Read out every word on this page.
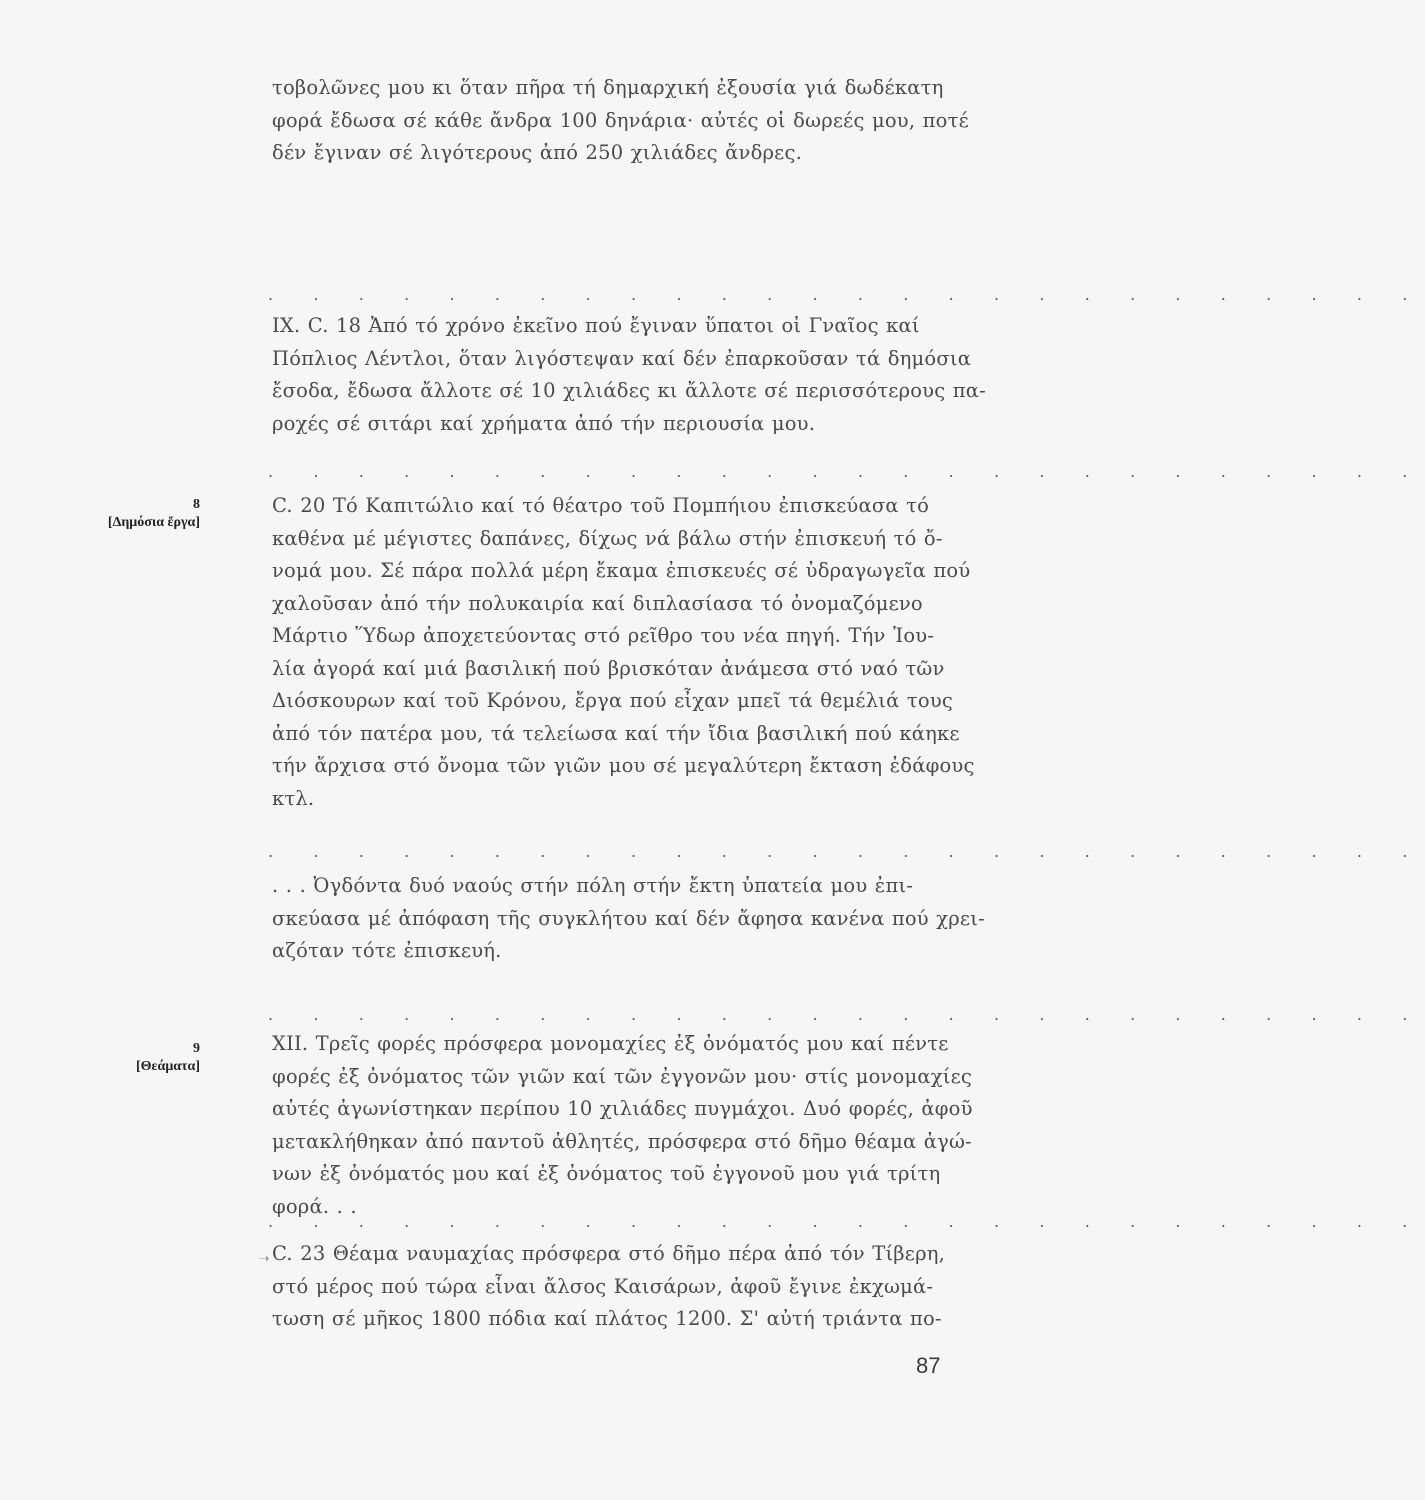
τοβολῶνες μου κι ὅταν πῆρα τή δημαρχική ἐξουσία γιά δωδέκατη
φορά ἔδωσα σέ κάθε ἄνδρα 100 δηνάρια· αὐτές οἱ δωρεές μου, ποτέ
δέν ἔγιναν σέ λιγότερους ἀπό 250 χιλιάδες ἄνδρες.
. . . . . . . . . . . . . . . . . . . . . . . . . .
IX. C. 18 Ἀπό τό χρόνο ἐκεῖνο πού ἔγιναν ὕπατοι οἱ Γναῖος καί
Πόπλιος Λέντλοι, ὅταν λιγόστεψαν καί δέν ἐπαρκοῦσαν τά δημόσια
ἔσοδα, ἔδωσα ἄλλοτε σέ 10 χιλιάδες κι ἄλλοτε σέ περισσότερους πα-
ροχές σέ σιτάρι καί χρήματα ἀπό τήν περιουσία μου.
. . . . . . . . . . . . . . . . . . . . . . . . . .
8
[Δημόσια ἔργα]
C. 20 Τό Καπιτώλιο καί τό θέατρο τοῦ Πομπήιου ἐπισκεύασα τό
καθένα μέ μέγιστες δαπάνες, δίχως νά βάλω στήν ἐπισκευή τό ὄ-
νομά μου. Σέ πάρα πολλά μέρη ἔκαμα ἐπισκευές σέ ὑδραγωγεῖα πού
χαλοῦσαν ἀπό τήν πολυκαιρία καί διπλασίασα τό ὀνομαζόμενο
Μάρτιο Ὕδωρ ἀποχετεύοντας στό ρεῖθρο του νέα πηγή. Τήν Ἰου-
λία ἀγορά καί μιά βασιλική πού βρισκόταν ἀνάμεσα στό ναό τῶν
Διόσκουρων καί τοῦ Κρόνου, ἔργα πού εἶχαν μπεῖ τά θεμέλιά τους
ἀπό τόν πατέρα μου, τά τελείωσα καί τήν ἴδια βασιλική πού κάηκε
τήν ἄρχισα στό ὄνομα τῶν γιῶν μου σέ μεγαλύτερη ἔκταση ἐδάφους
κτλ.
. . . . . . . . . . . . . . . . . . . . . . . . . .
. . . Ὀγδόντα δυό ναούς στήν πόλη στήν ἔκτη ὑπατεία μου ἐπι-
σκεύασα μέ ἀπόφαση τῆς συγκλήτου καί δέν ἄφησα κανένα πού χρει-
αζόταν τότε ἐπισκευή.
. . . . . . . . . . . . . . . . . . . . . . . . . .
9
[Θεάματα]
XII. Τρεῖς φορές πρόσφερα μονομαχίες ἐξ ὀνόματός μου καί πέντε
φορές ἐξ ὀνόματος τῶν γιῶν καί τῶν ἐγγονῶν μου· στίς μονομαχίες
αὐτές ἀγωνίστηκαν περίπου 10 χιλιάδες πυγμάχοι. Δυό φορές, ἀφοῦ
μετακλήθηκαν ἀπό παντοῦ ἀθλητές, πρόσφερα στό δῆμο θέαμα ἀγώ-
νων ἐξ ὀνόματός μου καί ἐξ ὀνόματος τοῦ ἐγγονοῦ μου γιά τρίτη
φορά. . .
. . . . . . . . . . . . . . . . . . . . . . . . . .
➝ C. 23 Θέαμα ναυμαχίας πρόσφερα στό δῆμο πέρα ἀπό τόν Τίβερη,
στό μέρος πού τώρα εἶναι ἄλσος Καισάρων, ἀφοῦ ἔγινε ἐκχωμά-
τωση σέ μῆκος 1800 πόδια καί πλάτος 1200. Σ' αὐτή τριάντα πο-
87
